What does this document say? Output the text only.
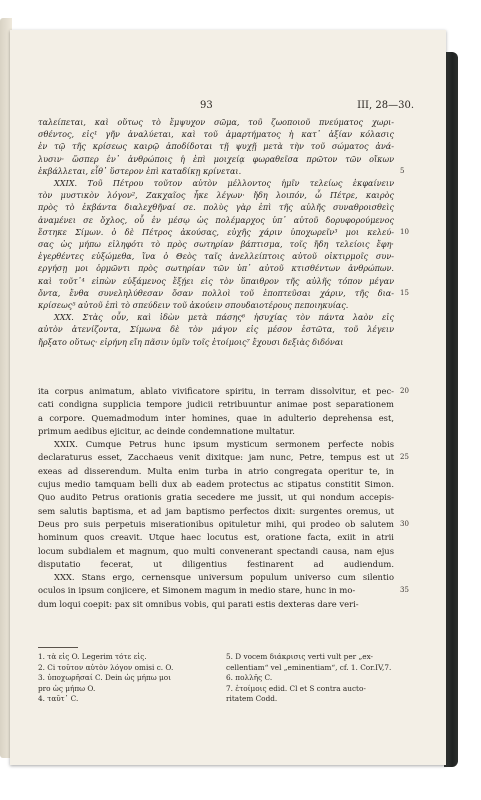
93	III, 28—30.
ταλείπεται, καὶ οὕτως τὸ ἔμψυχον σῶμα, τοῦ ζωοποιοῦ πνεύματος χωρι-
σθέντος, εἰς¹ γῆν ἀναλύεται, καὶ τοῦ ἁμαρτήματος ἡ κατ᾽ ἀξίαν κόλασις
ἐν τῷ τῆς κρίσεως καιρῷ ἀποδίδοται τῇ ψυχῇ μετὰ τὴν τοῦ σώματος ἀνά-
λυσιν· ὥσπερ ἐν᾽ ἀνθρώποις ἡ ἐπὶ μοιχείᾳ φωραθεῖσα πρῶτον τῶν οἴκων
ἐκβάλλεται, εἶθ᾽ ὕστερον ἐπὶ καταδίκῃ κρίνεται.	5
XXIX. Τοῦ Πέτρου τοῦτον αὐτὸν μέλλοντος ἡμῖν τελείως ἐκφαίνειν
τὸν μυστικὸν λόγον², Ζακχαῖος ἧκε λέγων· ἤδη λοιπόν, ὦ Πέτρε, καιρὸς
πρὸς τὸ ἐκβάντα διαλεχθῆναί σε. πολὺς γὰρ ἐπὶ τῆς αὐλῆς συναθροισθεὶς
ἀναμένει σε ὄχλος, οὗ ἐν μέσῳ ὡς πολέμαρχος ὑπ᾽ αὐτοῦ δορυφορούμενος
ἕστηκε Σίμων. ὁ δὲ Πέτρος ἀκούσας, εὐχῆς χάριν ὑποχωρεῖν³ μοι κελεύ- 10
σας ὡς μήπω εἰληφότι τὸ πρὸς σωτηρίαν βάπτισμα, τοῖς ἤδη τελείοις ἔφη·
ἐγερθέντες εὐξώμεθα, ἵνα ὁ Θεὸς ταῖς ἀνελλείπτοις αὐτοῦ οἰκτιρμοῖς συν-
εργήσῃ μοι ὁρμῶντι πρὸς σωτηρίαν τῶν ὑπ᾽ αὐτοῦ κτισθέντων ἀνθρώπων.
καὶ τοῦτ᾽⁴ εἰπὼν εὐξάμενος ἔξῄει εἰς τὸν ὕπαιθρον τῆς αὐλῆς τόπον μέγαν
ὄντα, ἔνθα συνεληλύθεσαν ὅσαν πολλοὶ τοῦ ἐποπτεῦσαι χάριν, τῆς δια- 15
κρίσεως⁵ αὐτοῦ ἐπὶ τὸ σπεύδειν τοῦ ἀκούειν σπουδαιοτέρους πεποιηκυίας.
XXX. Στὰς οὖν, καὶ ἰδὼν μετὰ πάσης⁶ ἡσυχίας τὸν πάντα λαὸν εἰς
αὐτὸν ἀτενίζοντα, Σίμωνα δὲ τὸν μάγον εἰς μέσον ἑστῶτα, τοῦ λέγειν
ἤρξατο οὕτως· εἰρήνη εἴη πᾶσιν ὑμῖν τοῖς ἑτοίμοις⁷ ἔχουσι δεξιὰς διδόναι
ita corpus animatum, ablato vivificatore spiritu, in terram dissolvitur, et pec- 20
cati condigna supplicia tempore judicii retribuuntur animae post separationem
a corpore. Quemadmodum inter homines, quae in adulterio deprehensa est,
primum aedibus ejicitur, ac deinde condemnatione multatur.
XXIX. Cumque Petrus hunc ipsum mysticum sermonem perfecte nobis
declaraturus esset, Zacchaeus venit dixitque: jam nunc, Petre, tempus est ut 25
exeas ad disserendum. Multa enim turba in atrio congregata operitur te, in
cujus medio tamquam belli dux ab eadem protectus ac stipatus constitit Simon.
Quo audito Petrus orationis gratia secedere me jussit, ut qui nondum accepis-
sem salutis baptisma, et ad jam baptismo perfectos dixit: surgentes oremus, ut
Deus pro suis perpetuis miserationibus opituletur mihi, qui prodeo ob salutem 30
hominum quos creavit. Utque haec locutus est, oratione facta, exiit in atrii
locum subdialem et magnum, quo multi convenerant spectandi causa, nam ejus
disputatio fecerat, ut diligentius festinarent ad audiendum.
XXX. Stans ergo, cernensque universum populum universo cum silentio
oculos in ipsum conjicere, et Simonem magum in medio stare, hunc in mo-	35
dum loqui coepit: pax sit omnibus vobis, qui parati estis dexteras dare veri-
1. τὰ εἰς O. Legerim τότε εἰς.
2. Ci τοῦτον αὐτὸν λόγον omisi c. O.
3. ὑποχωρῆσαί C. Dein ὡς μήπω μοι
pro ὡς μήπω O.
4. ταῦτ᾽ C.
5. D vocem διάκρισις verti vult per „ex-
cellentiam“ vel „eminentiam“, cf. 1. Cor.IV,7.
6. πολλῆς C.
7. ἑτοίμοις edid. Cl et S contra aucto-
ritatem Codd.
